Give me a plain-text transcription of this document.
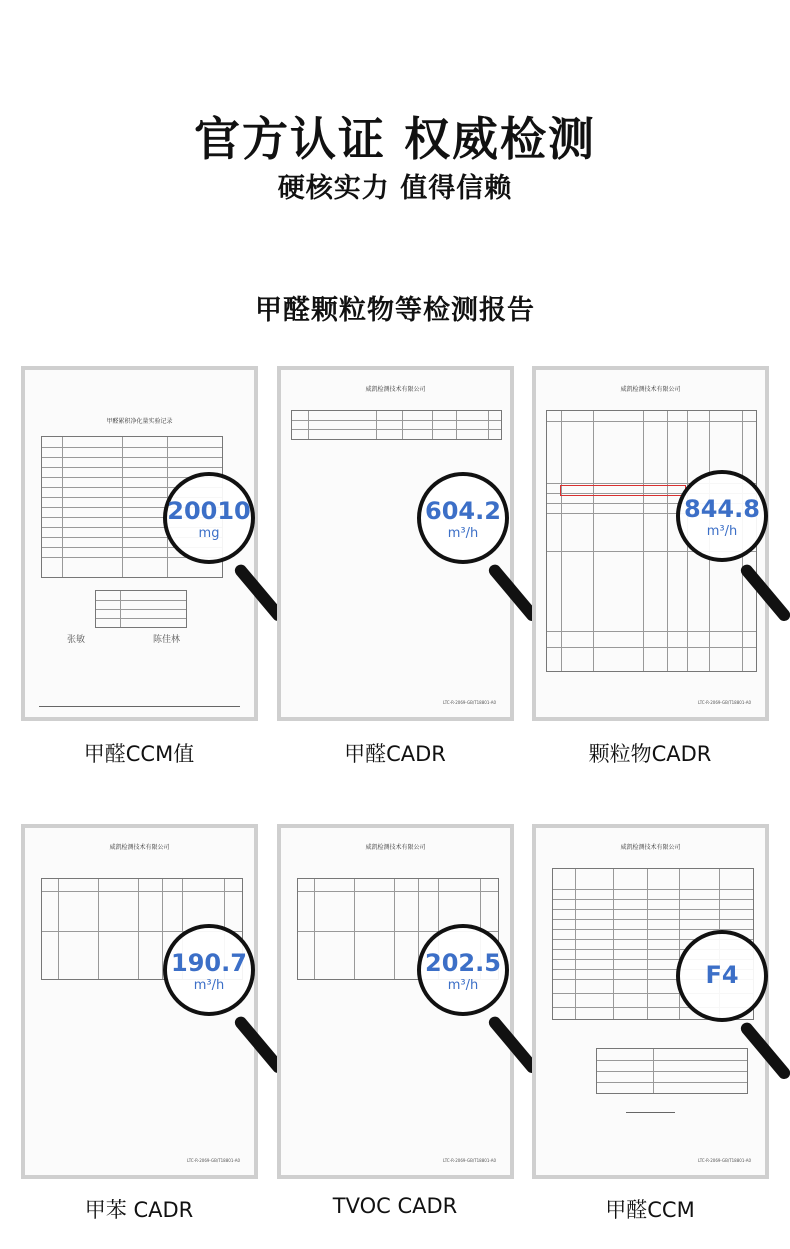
官方认证 权威检测
硬核实力 值得信赖
甲醛颗粒物等检测报告
甲醛累积净化量实验记录
张敏	陈佳林
20010
mg
甲醛CCM值
威凯检测技术有限公司
LTC-R-2069-GB/T18801-A0
604.2
m³/h
甲醛CADR
威凯检测技术有限公司
LTC-R-2069-GB/T18801-A0
844.8
m³/h
颗粒物CADR
威凯检测技术有限公司
LTC-R-2069-GB/T18801-A0
190.7
m³/h
甲苯 CADR
威凯检测技术有限公司
LTC-R-2069-GB/T18801-A0
202.5
m³/h
TVOC CADR
威凯检测技术有限公司
LTC-R-2069-GB/T18801-A0
F4
甲醛CCM
